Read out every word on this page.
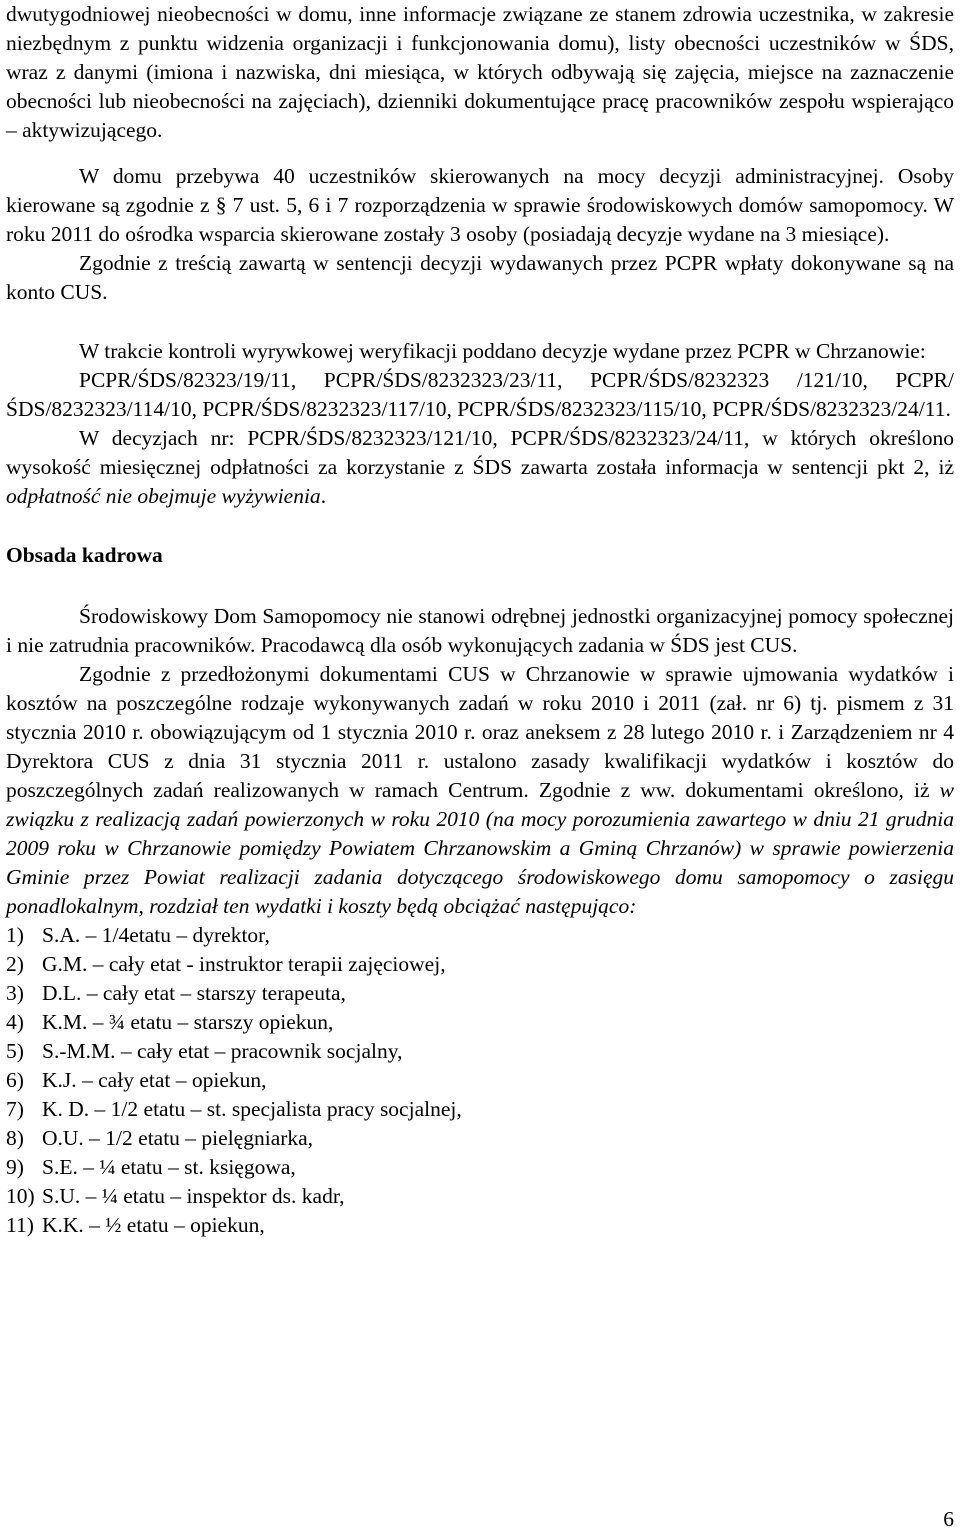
dwutygodniowej nieobecności w domu, inne informacje związane ze stanem zdrowia uczestnika, w zakresie niezbędnym z punktu widzenia organizacji i funkcjonowania domu), listy obecności uczestników w ŚDS, wraz z danymi (imiona i nazwiska, dni miesiąca, w których odbywają się zajęcia, miejsce na zaznaczenie obecności lub nieobecności na zajęciach), dzienniki dokumentujące pracę pracowników zespołu wspierająco – aktywizującego.

W domu przebywa 40 uczestników skierowanych na mocy decyzji administracyjnej. Osoby kierowane są zgodnie z § 7 ust. 5, 6 i 7 rozporządzenia w sprawie środowiskowych domów samopomocy. W roku 2011 do ośrodka wsparcia skierowane zostały 3 osoby (posiadają decyzje wydane na 3 miesiące).

Zgodnie z treścią zawartą w sentencji decyzji wydawanych przez PCPR wpłaty dokonywane są na konto CUS.

W trakcie kontroli wyrywkowej weryfikacji poddano decyzje wydane przez PCPR w Chrzanowie:

PCPR/ŚDS/82323/19/11, PCPR/ŚDS/8232323/23/11, PCPR/ŚDS/8232323 /121/10, PCPR/ŚDS/8232323/114/10, PCPR/ŚDS/8232323/117/10, PCPR/ŚDS/8232323/115/10, PCPR/ŚDS/8232323/24/11.

W decyzjach nr: PCPR/ŚDS/8232323/121/10, PCPR/ŚDS/8232323/24/11, w których określono wysokość miesięcznej odpłatności za korzystanie z ŚDS zawarta została informacja w sentencji pkt 2, iż odpłatność nie obejmuje wyżywienia.

Obsada kadrowa

Środowiskowy Dom Samopomocy nie stanowi odrębnej jednostki organizacyjnej pomocy społecznej i nie zatrudnia pracowników. Pracodawcą dla osób wykonujących zadania w ŚDS jest CUS.

Zgodnie z przedłożonymi dokumentami CUS w Chrzanowie w sprawie ujmowania wydatków i kosztów na poszczególne rodzaje wykonywanych zadań w roku 2010 i 2011 (zał. nr 6) tj. pismem z 31 stycznia 2010 r. obowiązującym od 1 stycznia 2010 r. oraz aneksem z 28 lutego 2010 r. i Zarządzeniem nr 4 Dyrektora CUS z dnia 31 stycznia 2011 r. ustalono zasady kwalifikacji wydatków i kosztów do poszczególnych zadań realizowanych w ramach Centrum. Zgodnie z ww. dokumentami określono, iż w związku z realizacją zadań powierzonych w roku 2010 (na mocy porozumienia zawartego w dniu 21 grudnia 2009 roku w Chrzanowie pomiędzy Powiatem Chrzanowskim a Gminą Chrzanów) w sprawie powierzenia Gminie przez Powiat realizacji zadania dotyczącego środowiskowego domu samopomocy o zasięgu ponadlokalnym, rozdział ten wydatki i koszty będą obciążać następująco:

1) S.A. – 1/4etatu – dyrektor,
2) G.M. – cały etat - instruktor terapii zajęciowej,
3) D.L. – cały etat – starszy terapeuta,
4) K.M. – ¾ etatu – starszy opiekun,
5) S.-M.M. – cały etat – pracownik socjalny,
6) K.J. – cały etat – opiekun,
7) K. D. – 1/2 etatu – st. specjalista pracy socjalnej,
8) O.U. – 1/2 etatu – pielęgniarka,
9) S.E. – ¼ etatu – st. księgowa,
10) S.U. – ¼ etatu – inspektor ds. kadr,
11) K.K. – ½ etatu – opiekun,
6
